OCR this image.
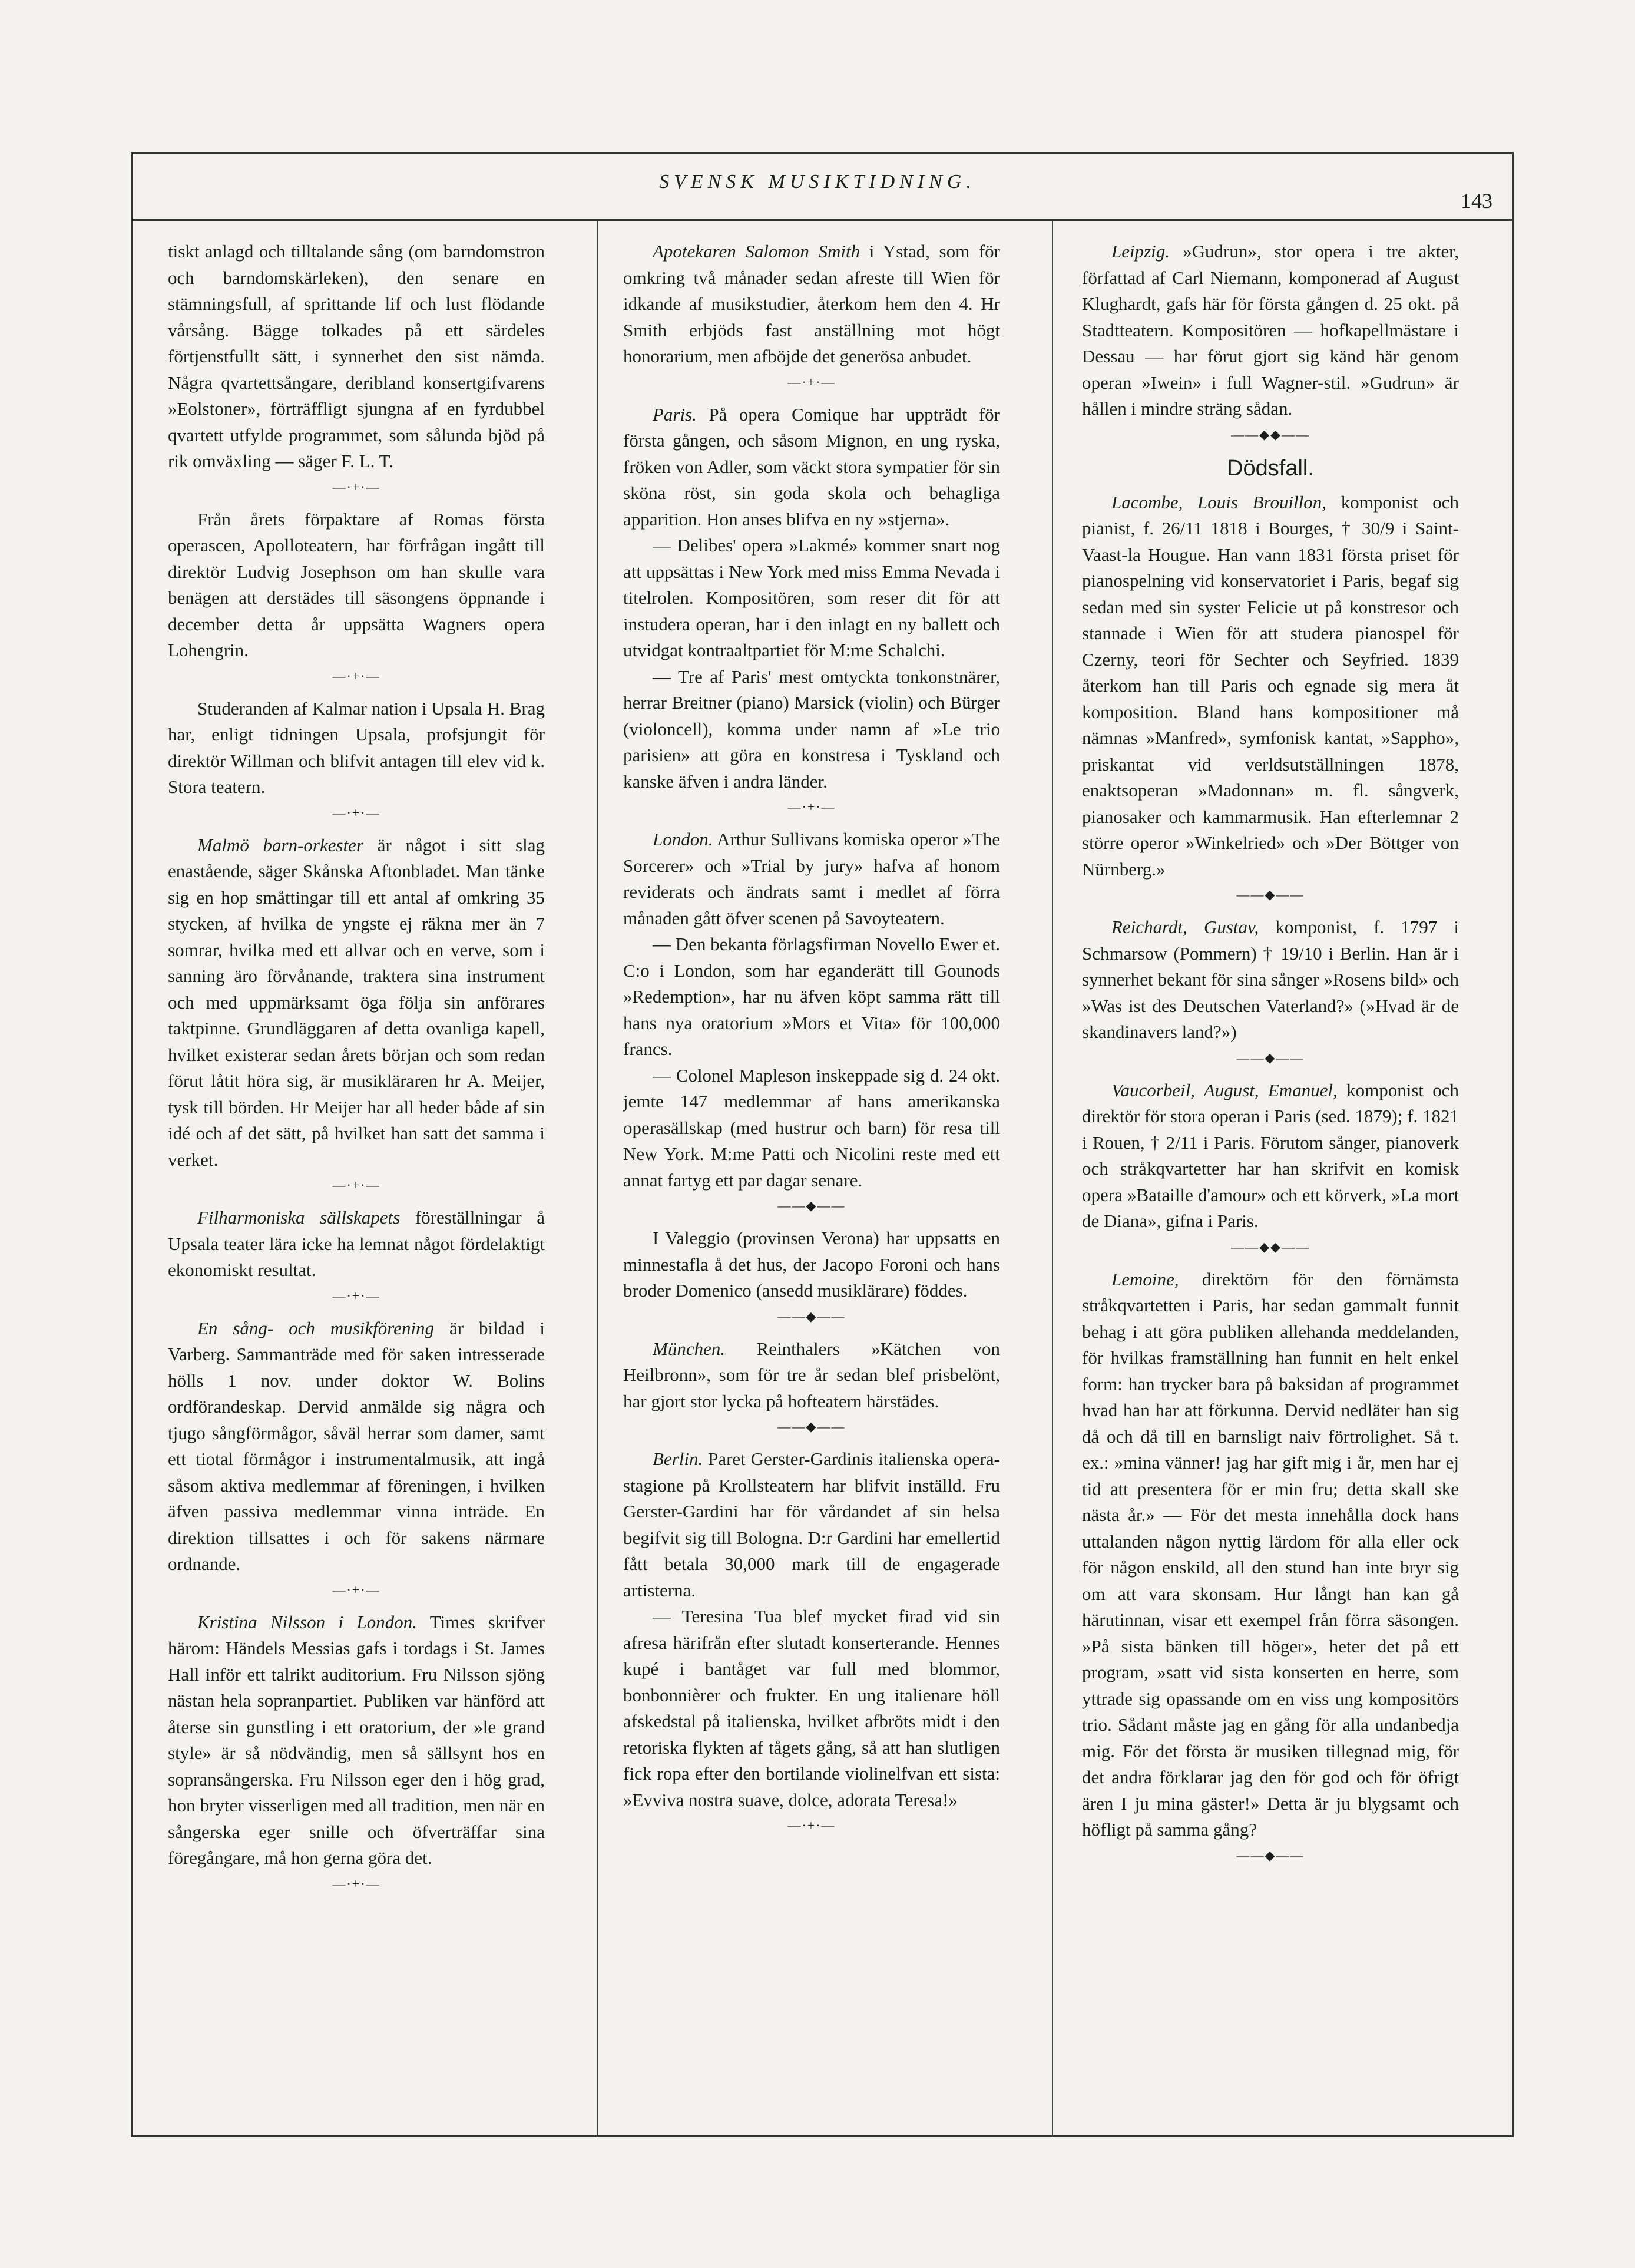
SVENSK MUSIKTIDNING.
143

tiskt anlagd och tilltalande sång (om barndomstron och barndomskärleken), den senare en stämningsfull, af sprittande lif och lust flödande vårsång. Bägge tolkades på ett särdeles förtjenstfullt sätt, i synnerhet den sist nämda. Några qvartettsångare, deribland konsertgifvarens »Eolstoner», förträffligt sjungna af en fyrdubbel qvartett utfylde programmet, som sålunda bjöd på rik omväxling — säger F. L. T.

—·+·—

Från årets förpaktare af Romas första operascen, Apolloteatern, har förfrågan ingått till direktör Ludvig Josephson om han skulle vara benägen att derstädes till säsongens öppnande i december detta år uppsätta Wagners opera Lohengrin.

—·+·—

Studeranden af Kalmar nation i Upsala H. Brag har, enligt tidningen Upsala, profsjungit för direktör Willman och blifvit antagen till elev vid k. Stora teatern.

—·+·—

Malmö barn-orkester är något i sitt slag enastående, säger Skånska Aftonbladet. Man tänke sig en hop småttingar till ett antal af omkring 35 stycken, af hvilka de yngste ej räkna mer än 7 somrar, hvilka med ett allvar och en verve, som i sanning äro förvånande, traktera sina instrument och med uppmärksamt öga följa sin anförares taktpinne. Grundläggaren af detta ovanliga kapell, hvilket existerar sedan årets början och som redan förut låtit höra sig, är musikläraren hr A. Meijer, tysk till börden. Hr Meijer har all heder både af sin idé och af det sätt, på hvilket han satt det samma i verket.

—·+·—

Filharmoniska sällskapets föreställningar å Upsala teater lära icke ha lemnat något fördelaktigt ekonomiskt resultat.

—·+·—

En sång- och musikförening är bildad i Varberg. Sammanträde med för saken intresserade hölls 1 nov. under doktor W. Bolins ordförandeskap. Dervid anmälde sig några och tjugo sångförmågor, såväl herrar som damer, samt ett tiotal förmågor i instrumentalmusik, att ingå såsom aktiva medlemmar af föreningen, i hvilken äfven passiva medlemmar vinna inträde. En direktion tillsattes i och för sakens närmare ordnande.

—·+·—

Kristina Nilsson i London. Times skrifver härom: Händels Messias gafs i tordags i St. James Hall inför ett talrikt auditorium. Fru Nilsson sjöng nästan hela sopranpartiet. Publiken var hänförd att återse sin gunstling i ett oratorium, der »le grand style» är så nödvändig, men så sällsynt hos en sopransångerska. Fru Nilsson eger den i hög grad, hon bryter visserligen med all tradition, men när en sångerska eger snille och öfverträffar sina föregångare, må hon gerna göra det.

—·+·—

Apotekaren Salomon Smith i Ystad, som för omkring två månader sedan afreste till Wien för idkande af musikstudier, återkom hem den 4. Hr Smith erbjöds fast anställning mot högt honorarium, men afböjde det generösa anbudet.

—·+·—

Paris. På opera Comique har uppträdt för första gången, och såsom Mignon, en ung ryska, fröken von Adler, som väckt stora sympatier för sin sköna röst, sin goda skola och behagliga apparition. Hon anses blifva en ny »stjerna».

— Delibes' opera »Lakmé» kommer snart nog att uppsättas i New York med miss Emma Nevada i titelrolen. Kompositören, som reser dit för att instudera operan, har i den inlagt en ny ballett och utvidgat kontraaltpartiet för M:me Schalchi.

— Tre af Paris' mest omtyckta tonkonstnärer, herrar Breitner (piano) Marsick (violin) och Bürger (violoncell), komma under namn af »Le trio parisien» att göra en konstresa i Tyskland och kanske äfven i andra länder.

—·+·—

London. Arthur Sullivans komiska operor »The Sorcerer» och »Trial by jury» hafva af honom reviderats och ändrats samt i medlet af förra månaden gått öfver scenen på Savoyteatern.

— Den bekanta förlagsfirman Novello Ewer et. C:o i London, som har eganderätt till Gounods »Redemption», har nu äfven köpt samma rätt till hans nya oratorium »Mors et Vita» för 100,000 francs.

— Colonel Mapleson inskeppade sig d. 24 okt. jemte 147 medlemmar af hans amerikanska operasällskap (med hustrur och barn) för resa till New York. M:me Patti och Nicolini reste med ett annat fartyg ett par dagar senare.

——◆——

I Valeggio (provinsen Verona) har uppsatts en minnestafla å det hus, der Jacopo Foroni och hans broder Domenico (ansedd musiklärare) föddes.

——◆——

München. Reinthalers »Kätchen von Heilbronn», som för tre år sedan blef prisbelönt, har gjort stor lycka på hofteatern härstädes.

——◆——

Berlin. Paret Gerster-Gardinis italienska opera-stagione på Krollsteatern har blifvit inställd. Fru Gerster-Gardini har för vårdandet af sin helsa begifvit sig till Bologna. D:r Gardini har emellertid fått betala 30,000 mark till de engagerade artisterna.

— Teresina Tua blef mycket firad vid sin afresa härifrån efter slutadt konserterande. Hennes kupé i bantåget var full med blommor, bonbonnièrer och frukter. En ung italienare höll afskedstal på italienska, hvilket afbröts midt i den retoriska flykten af tågets gång, så att han slutligen fick ropa efter den bortilande violinelfvan ett sista: »Evviva nostra suave, dolce, adorata Teresa!»

—·+·—

Leipzig. »Gudrun», stor opera i tre akter, författad af Carl Niemann, komponerad af August Klughardt, gafs här för första gången d. 25 okt. på Stadtteatern. Kompositören — hofkapellmästare i Dessau — har förut gjort sig känd här genom operan »Iwein» i full Wagner-stil. »Gudrun» är hållen i mindre sträng sådan.

——◆◆——
Dödsfall.

Lacombe, Louis Brouillon, komponist och pianist, f. 26/11 1818 i Bourges, † 30/9 i Saint-Vaast-la Hougue. Han vann 1831 första priset för pianospelning vid konservatoriet i Paris, begaf sig sedan med sin syster Felicie ut på konstresor och stannade i Wien för att studera pianospel för Czerny, teori för Sechter och Seyfried. 1839 återkom han till Paris och egnade sig mera åt komposition. Bland hans kompositioner må nämnas »Manfred», symfonisk kantat, »Sappho», priskantat vid verldsutställningen 1878, enaktsoperan »Madonnan» m. fl. sångverk, pianosaker och kammarmusik. Han efterlemnar 2 större operor »Winkelried» och »Der Böttger von Nürnberg.»

——◆——

Reichardt, Gustav, komponist, f. 1797 i Schmarsow (Pommern) † 19/10 i Berlin. Han är i synnerhet bekant för sina sånger »Rosens bild» och »Was ist des Deutschen Vaterland?» (»Hvad är de skandinavers land?»)

——◆——

Vaucorbeil, August, Emanuel, komponist och direktör för stora operan i Paris (sed. 1879); f. 1821 i Rouen, † 2/11 i Paris. Förutom sånger, pianoverk och stråkqvartetter har han skrifvit en komisk opera »Bataille d'amour» och ett körverk, »La mort de Diana», gifna i Paris.

——◆◆——

Lemoine, direktörn för den förnämsta stråkqvartetten i Paris, har sedan gammalt funnit behag i att göra publiken allehanda meddelanden, för hvilkas framställning han funnit en helt enkel form: han trycker bara på baksidan af programmet hvad han har att förkunna. Dervid nedläter han sig då och då till en barnsligt naiv förtrolighet. Så t. ex.: »mina vänner! jag har gift mig i år, men har ej tid att presentera för er min fru; detta skall ske nästa år.» — För det mesta innehålla dock hans uttalanden någon nyttig lärdom för alla eller ock för någon enskild, all den stund han inte bryr sig om att vara skonsam. Hur långt han kan gå härutinnan, visar ett exempel från förra säsongen. »På sista bänken till höger», heter det på ett program, »satt vid sista konserten en herre, som yttrade sig opassande om en viss ung kompositörs trio. Sådant måste jag en gång för alla undanbedja mig. För det första är musiken tillegnad mig, för det andra förklarar jag den för god och för öfrigt ären I ju mina gäster!» Detta är ju blygsamt och höfligt på samma gång?

——◆——
